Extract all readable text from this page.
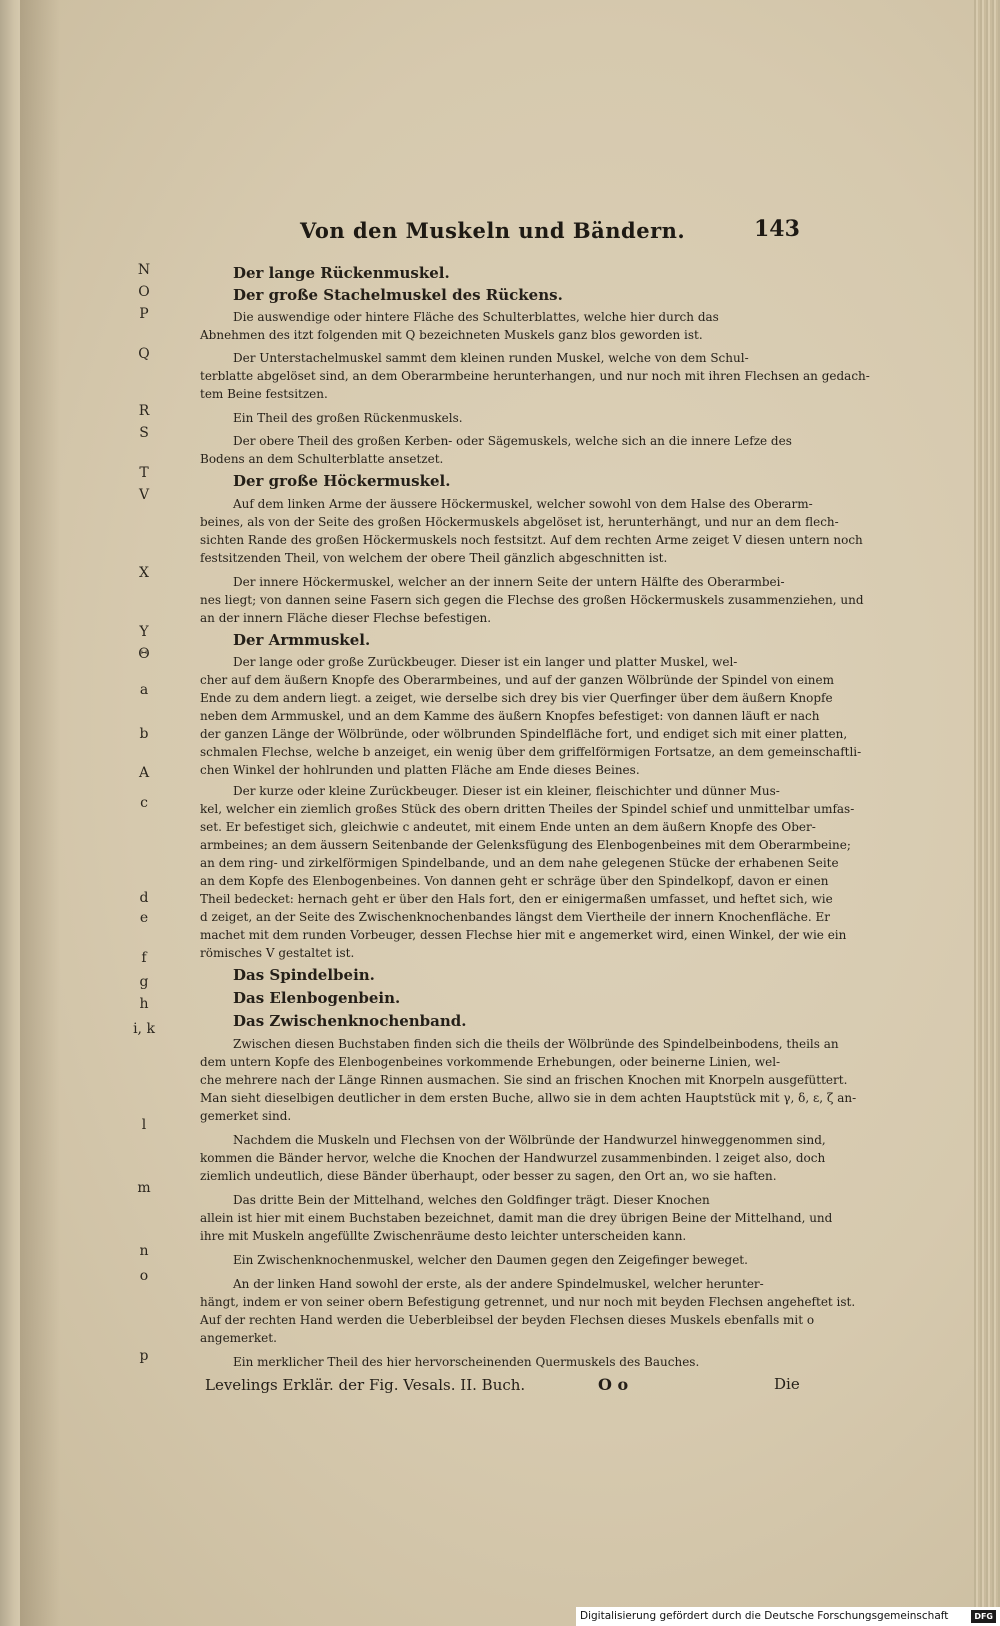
Von den Muskeln und Bändern.	143
N
O
P
Q
R
S
T
V
X
Y
Θ
a
b
A
c
d
e
f
g
h
i, k
l
m
n
o
p
Der lange Rückenmuskel.
Der große Stachelmuskel des Rückens.
Die auswendige oder hintere Fläche des Schulterblattes, welche hier durch das
Abnehmen des itzt folgenden mit Q bezeichneten Muskels ganz blos geworden ist.
Der Unterstachelmuskel sammt dem kleinen runden Muskel, welche von dem Schul-
terblatte abgelöset sind, an dem Oberarmbeine herunterhangen, und nur noch mit ihren Flechsen an gedach-
tem Beine festsitzen.
Ein Theil des großen Rückenmuskels.
Der obere Theil des großen Kerben- oder Sägemuskels, welche sich an die innere Lefze des
Bodens an dem Schulterblatte ansetzet.
Der große Höckermuskel.
Auf dem linken Arme der äussere Höckermuskel, welcher sowohl von dem Halse des Oberarm-
beines, als von der Seite des großen Höckermuskels abgelöset ist, herunterhängt, und nur an dem flech-
sichten Rande des großen Höckermuskels noch festsitzt. Auf dem rechten Arme zeiget V diesen untern noch
festsitzenden Theil, von welchem der obere Theil gänzlich abgeschnitten ist.
Der innere Höckermuskel, welcher an der innern Seite der untern Hälfte des Oberarmbei-
nes liegt; von dannen seine Fasern sich gegen die Flechse des großen Höckermuskels zusammenziehen, und
an der innern Fläche dieser Flechse befestigen.
Der Armmuskel.
Der lange oder große Zurückbeuger. Dieser ist ein langer und platter Muskel, wel-
cher auf dem äußern Knopfe des Oberarmbeines, und auf der ganzen Wölbründe der Spindel von einem
Ende zu dem andern liegt. a zeiget, wie derselbe sich drey bis vier Querfinger über dem äußern Knopfe
neben dem Armmuskel, und an dem Kamme des äußern Knopfes befestiget: von dannen läuft er nach
der ganzen Länge der Wölbründe, oder wölbrunden Spindelfläche fort, und endiget sich mit einer platten,
schmalen Flechse, welche b anzeiget, ein wenig über dem griffelförmigen Fortsatze, an dem gemeinschaftli-
chen Winkel der hohlrunden und platten Fläche am Ende dieses Beines.
Der kurze oder kleine Zurückbeuger. Dieser ist ein kleiner, fleischichter und dünner Mus-
kel, welcher ein ziemlich großes Stück des obern dritten Theiles der Spindel schief und unmittelbar umfas-
set. Er befestiget sich, gleichwie c andeutet, mit einem Ende unten an dem äußern Knopfe des Ober-
armbeines; an dem äussern Seitenbande der Gelenksfügung des Elenbogenbeines mit dem Oberarmbeine;
an dem ring- und zirkelförmigen Spindelbande, und an dem nahe gelegenen Stücke der erhabenen Seite
an dem Kopfe des Elenbogenbeines. Von dannen geht er schräge über den Spindelkopf, davon er einen
Theil bedecket: hernach geht er über den Hals fort, den er einigermaßen umfasset, und heftet sich, wie
d zeiget, an der Seite des Zwischenknochenbandes längst dem Viertheile der innern Knochenfläche. Er
machet mit dem runden Vorbeuger, dessen Flechse hier mit e angemerket wird, einen Winkel, der wie ein
römisches V gestaltet ist.
Das Spindelbein.
Das Elenbogenbein.
Das Zwischenknochenband.
Zwischen diesen Buchstaben finden sich die theils der Wölbründe des Spindelbeinbodens, theils an
dem untern Kopfe des Elenbogenbeines vorkommende Erhebungen, oder beinerne Linien, wel-
che mehrere nach der Länge Rinnen ausmachen. Sie sind an frischen Knochen mit Knorpeln ausgefüttert.
Man sieht dieselbigen deutlicher in dem ersten Buche, allwo sie in dem achten Hauptstück mit γ, δ, ε, ζ an-
gemerket sind.
Nachdem die Muskeln und Flechsen von der Wölbründe der Handwurzel hinweggenommen sind,
kommen die Bänder hervor, welche die Knochen der Handwurzel zusammenbinden. l zeiget also, doch
ziemlich undeutlich, diese Bänder überhaupt, oder besser zu sagen, den Ort an, wo sie haften.
Das dritte Bein der Mittelhand, welches den Goldfinger trägt. Dieser Knochen
allein ist hier mit einem Buchstaben bezeichnet, damit man die drey übrigen Beine der Mittelhand, und
ihre mit Muskeln angefüllte Zwischenräume desto leichter unterscheiden kann.
Ein Zwischenknochenmuskel, welcher den Daumen gegen den Zeigefinger beweget.
An der linken Hand sowohl der erste, als der andere Spindelmuskel, welcher herunter-
hängt, indem er von seiner obern Befestigung getrennet, und nur noch mit beyden Flechsen angeheftet ist.
Auf der rechten Hand werden die Ueberbleibsel der beyden Flechsen dieses Muskels ebenfalls mit o
angemerket.
Ein merklicher Theil des hier hervorscheinenden Quermuskels des Bauches.
Levelings Erklär. der Fig. Vesals. II. Buch.	O o	Die
Digitalisierung gefördert durch die Deutsche Forschungsgemeinschaft	DFG
